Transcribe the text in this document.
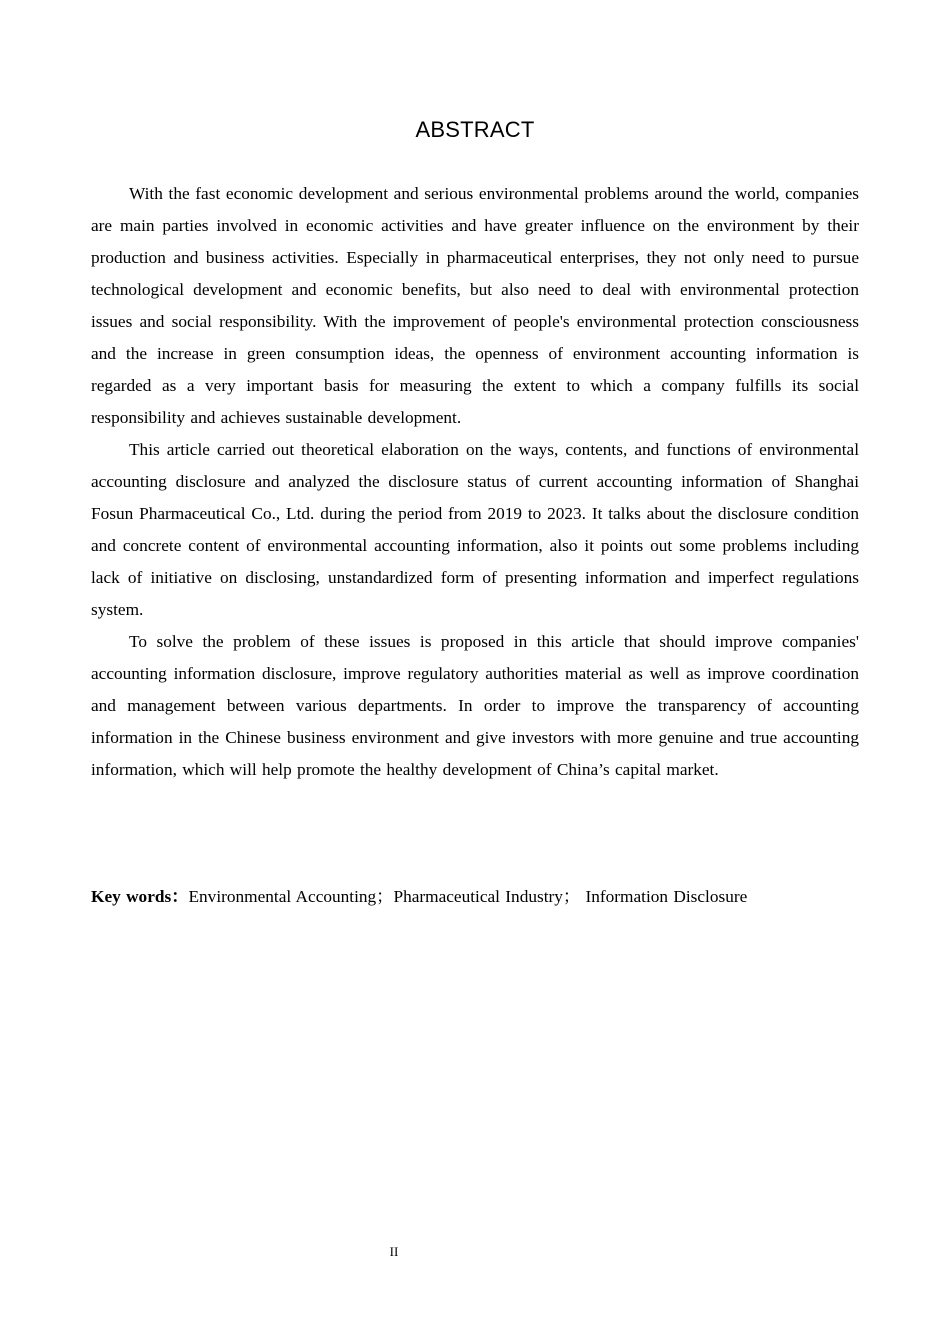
ABSTRACT

With the fast economic development and serious environmental problems around the world, companies are main parties involved in economic activities and have greater influence on the environment by their production and business activities. Especially in pharmaceutical enterprises, they not only need to pursue technological development and economic benefits, but also need to deal with environmental protection issues and social responsibility. With the improvement of people's environmental protection consciousness and the increase in green consumption ideas, the openness of environment accounting information is regarded as a very important basis for measuring the extent to which a company fulfills its social responsibility and achieves sustainable development.

This article carried out theoretical elaboration on the ways, contents, and functions of environmental accounting disclosure and analyzed the disclosure status of current accounting information of Shanghai Fosun Pharmaceutical Co., Ltd. during the period from 2019 to 2023. It talks about the disclosure condition and concrete content of environmental accounting information, also it points out some problems including lack of initiative on disclosing, unstandardized form of presenting information and imperfect regulations system.

To solve the problem of these issues is proposed in this article that should improve companies' accounting information disclosure, improve regulatory authorities material as well as improve coordination and management between various departments. In order to improve the transparency of accounting information in the Chinese business environment and give investors with more genuine and true accounting information, which will help promote the healthy development of China’s capital market.

Key words：Environmental Accounting；Pharmaceutical Industry； Information Disclosure
II
